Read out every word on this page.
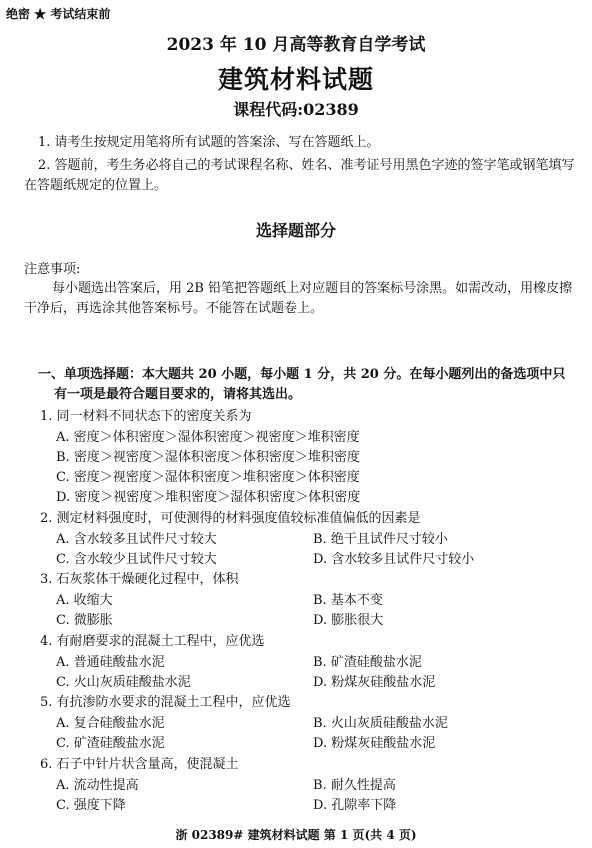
绝密 ★ 考试结束前
2023 年 10 月高等教育自学考试
建筑材料试题
课程代码:02389
1. 请考生按规定用笔将所有试题的答案涂、写在答题纸上。
2. 答题前，考生务必将自己的考试课程名称、姓名、准考证号用黑色字迹的签字笔或钢笔填写在答题纸规定的位置上。
选择题部分
注意事项:
每小题选出答案后，用 2B 铅笔把答题纸上对应题目的答案标号涂黑。如需改动，用橡皮擦干净后，再选涂其他答案标号。不能答在试题卷上。
一、单项选择题：本大题共 20 小题，每小题 1 分，共 20 分。在每小题列出的备选项中只
有一项是最符合题目要求的，请将其选出。
1. 同一材料不同状态下的密度关系为
A. 密度＞体积密度＞湿体积密度＞视密度＞堆积密度
B. 密度＞视密度＞湿体积密度＞体积密度＞堆积密度
C. 密度＞视密度＞湿体积密度＞堆积密度＞体积密度
D. 密度＞视密度＞堆积密度＞湿体积密度＞体积密度
2. 测定材料强度时，可使测得的材料强度值较标准值偏低的因素是
A. 含水较多且试件尺寸较大	B. 绝干且试件尺寸较小
C. 含水较少且试件尺寸较大	D. 含水较多且试件尺寸较小
3. 石灰浆体干燥硬化过程中，体积
A. 收缩大	B. 基本不变
C. 微膨胀	D. 膨胀很大
4. 有耐磨要求的混凝土工程中，应优选
A. 普通硅酸盐水泥	B. 矿渣硅酸盐水泥
C. 火山灰质硅酸盐水泥	D. 粉煤灰硅酸盐水泥
5. 有抗渗防水要求的混凝土工程中，应优选
A. 复合硅酸盐水泥	B. 火山灰质硅酸盐水泥
C. 矿渣硅酸盐水泥	D. 粉煤灰硅酸盐水泥
6. 石子中针片状含量高，使混凝土
A. 流动性提高	B. 耐久性提高
C. 强度下降	D. 孔隙率下降
浙 02389# 建筑材料试题 第 1 页(共 4 页)
